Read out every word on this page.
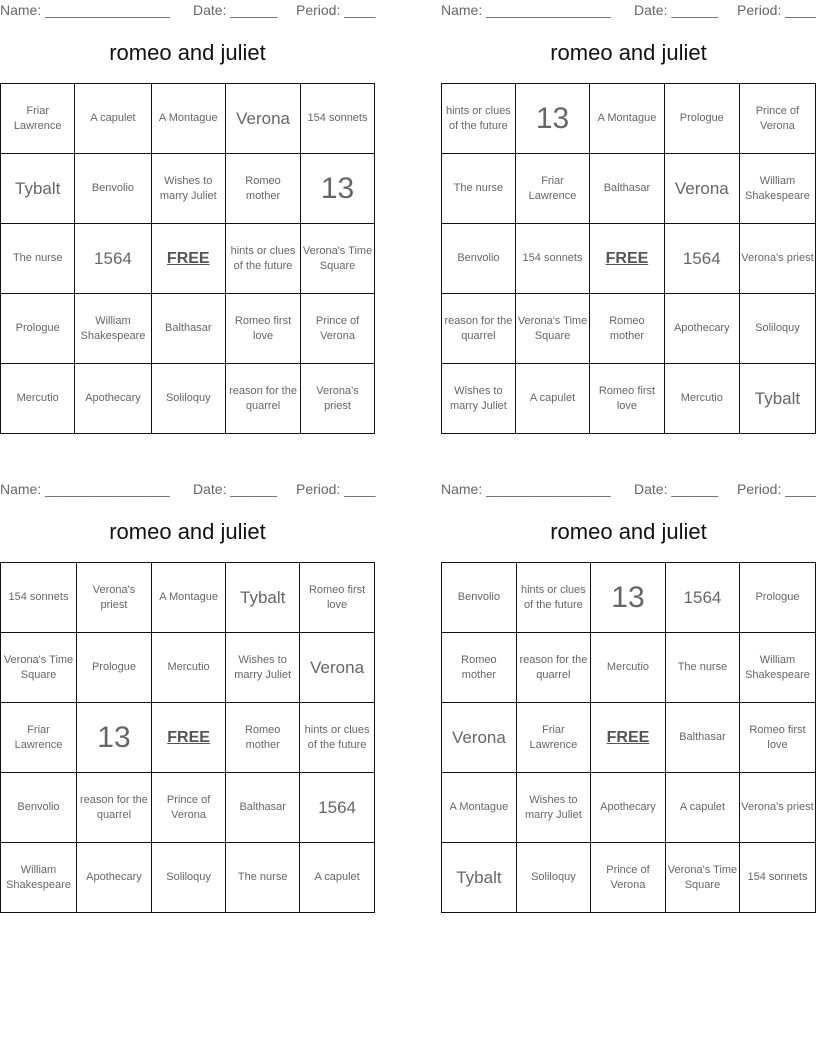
Name: ________________ Date: ______ Period: ____
romeo and juliet
Friar Lawrence	A capulet	A Montague	Verona	154 sonnets
Tybalt	Benvolio	Wishes to marry Juliet	Romeo mother	13
The nurse	1564	FREE	hints or clues of the future	Verona's Time Square
Prologue	William Shakespeare	Balthasar	Romeo first love	Prince of Verona
Mercutio	Apothecary	Soliloquy	reason for the quarrel	Verona's priest
Name: ________________ Date: ______ Period: ____
romeo and juliet
hints or clues of the future	13	A Montague	Prologue	Prince of Verona
The nurse	Friar Lawrence	Balthasar	Verona	William Shakespeare
Benvolio	154 sonnets	FREE	1564	Verona's priest
reason for the quarrel	Verona's Time Square	Romeo mother	Apothecary	Soliloquy
Wishes to marry Juliet	A capulet	Romeo first love	Mercutio	Tybalt
Name: ________________ Date: ______ Period: ____
romeo and juliet
154 sonnets	Verona's priest	A Montague	Tybalt	Romeo first love
Verona's Time Square	Prologue	Mercutio	Wishes to marry Juliet	Verona
Friar Lawrence	13	FREE	Romeo mother	hints or clues of the future
Benvolio	reason for the quarrel	Prince of Verona	Balthasar	1564
William Shakespeare	Apothecary	Soliloquy	The nurse	A capulet
Name: ________________ Date: ______ Period: ____
romeo and juliet
Benvolio	hints or clues of the future	13	1564	Prologue
Romeo mother	reason for the quarrel	Mercutio	The nurse	William Shakespeare
Verona	Friar Lawrence	FREE	Balthasar	Romeo first love
A Montague	Wishes to marry Juliet	Apothecary	A capulet	Verona's priest
Tybalt	Soliloquy	Prince of Verona	Verona's Time Square	154 sonnets
